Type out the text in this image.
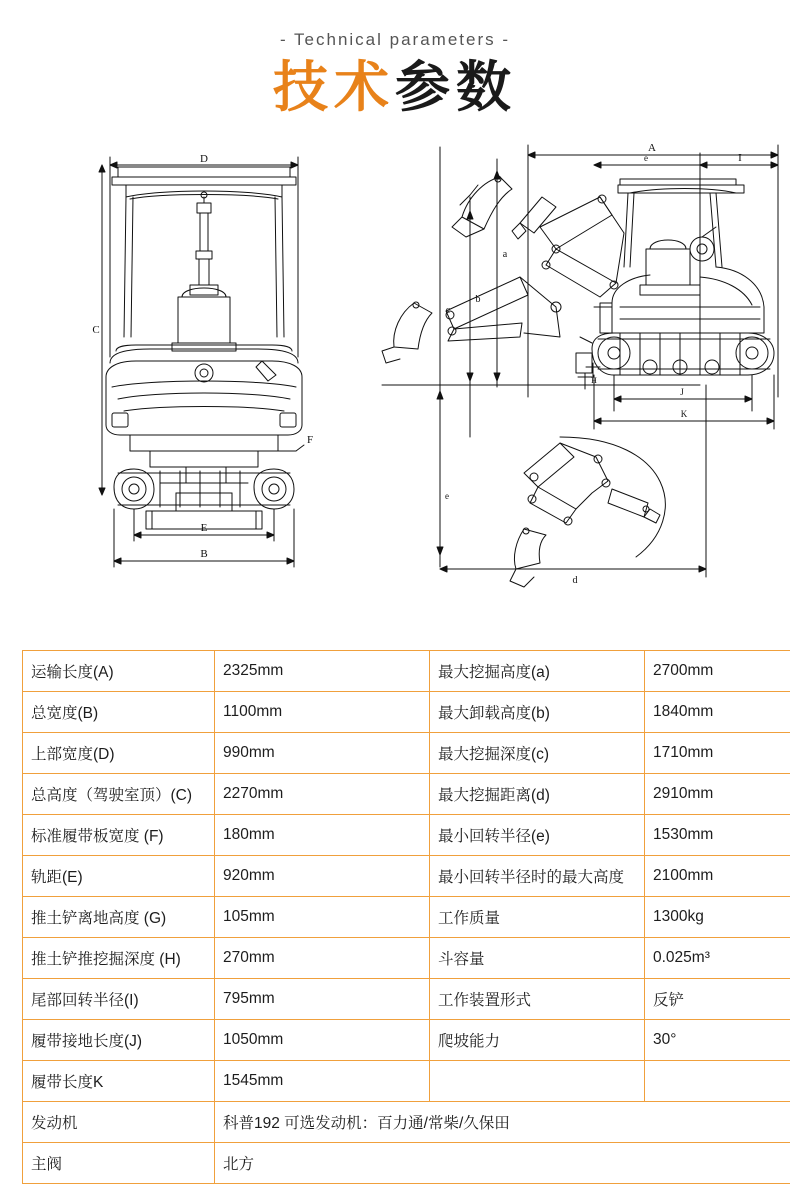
- Technical parameters -
技术参数
D
C
F
E
B
A
I
e
a
b
c
d
J
K
H
e
运输长度(A)	2325mm	最大挖掘高度(a)	2700mm
总宽度(B)	1100mm	最大卸载高度(b)	1840mm
上部宽度(D)	990mm	最大挖掘深度(c)	1710mm
总高度（驾驶室顶）(C)	2270mm	最大挖掘距离(d)	2910mm
标准履带板宽度 (F)	180mm	最小回转半径(e)	1530mm
轨距(E)	920mm	最小回转半径时的最大高度	2100mm
推土铲离地高度 (G)	105mm	工作质量	1300kg
推土铲推挖掘深度 (H)	270mm	斗容量	0.025m³
尾部回转半径(I)	795mm	工作装置形式	反铲
履带接地长度(J)	1050mm	爬坡能力	30°
履带长度K	1545mm		
发动机	科普192 可选发动机：百力通/常柴/久保田		
主阀	北方		
